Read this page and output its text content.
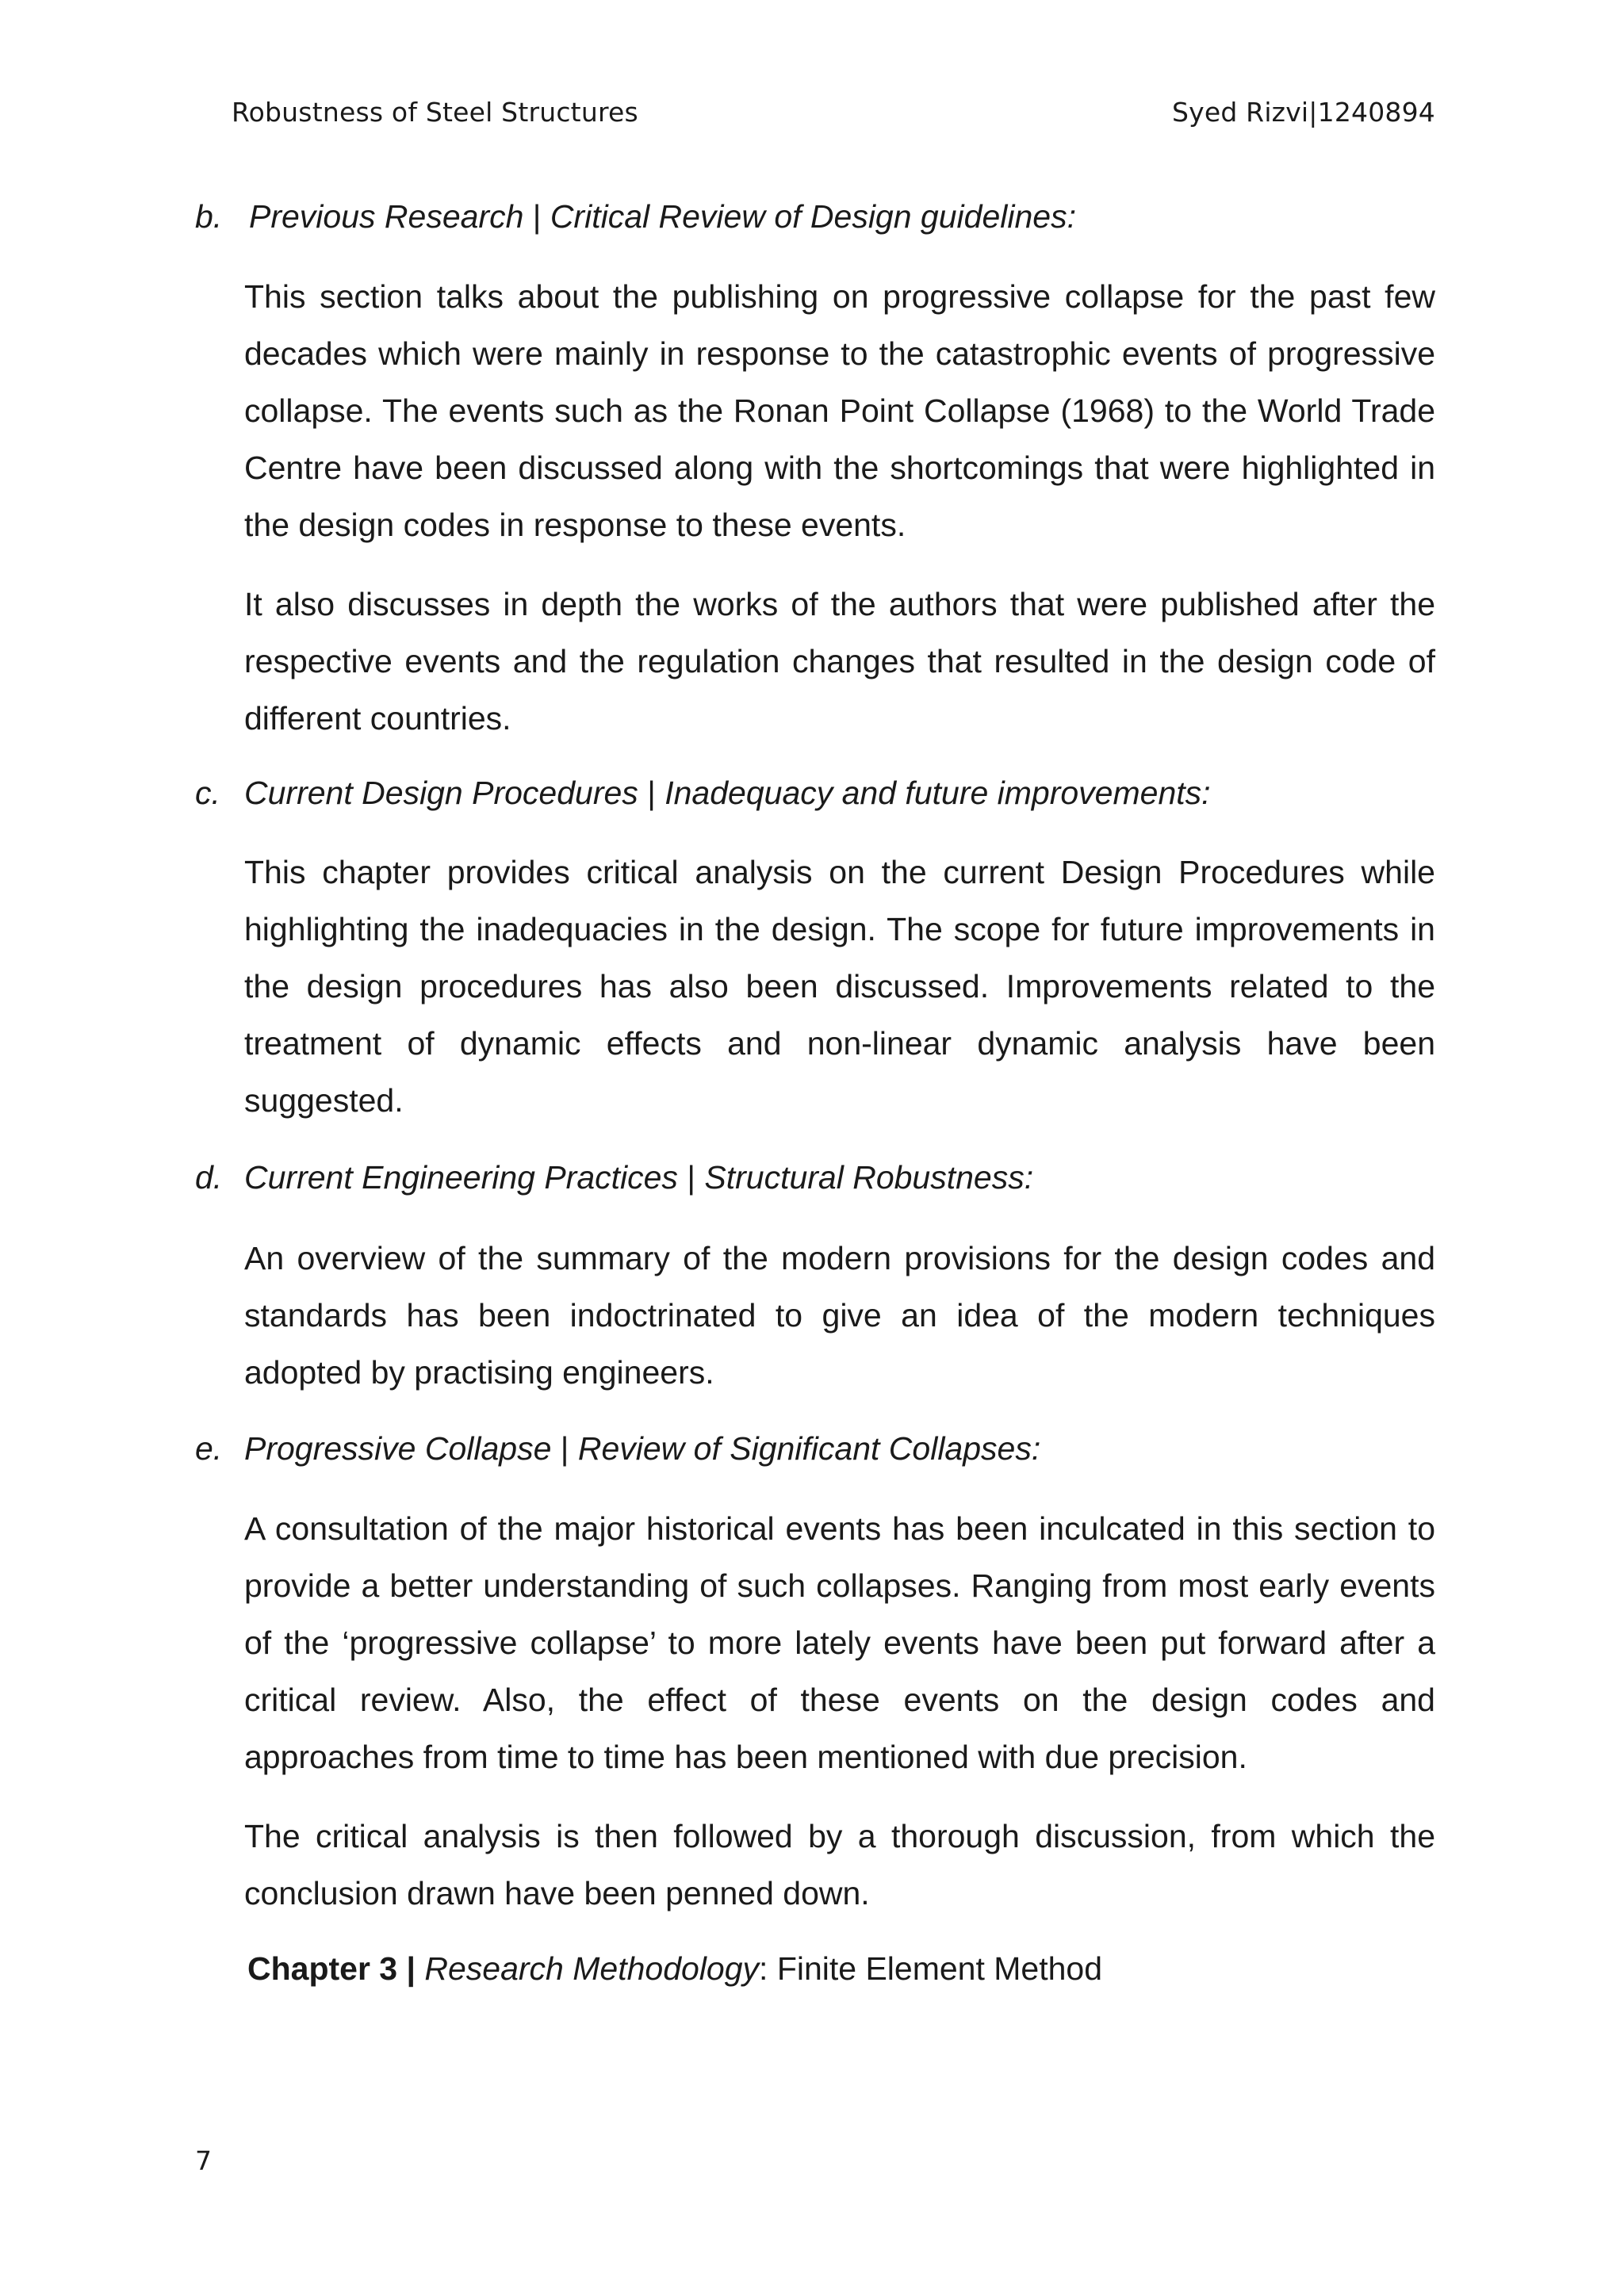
Robustness of Steel Structures	Syed Rizvi|1240894
b. Previous Research | Critical Review of Design guidelines:

This section talks about the publishing on progressive collapse for the past few decades which were mainly in response to the catastrophic events of progressive collapse. The events such as the Ronan Point Collapse (1968) to the World Trade Centre have been discussed along with the shortcomings that were highlighted in the design codes in response to these events.

It also discusses in depth the works of the authors that were published after the respective events and the regulation changes that resulted in the design code of different countries.

c. Current Design Procedures | Inadequacy and future improvements:

This chapter provides critical analysis on the current Design Procedures while highlighting the inadequacies in the design. The scope for future improvements in the design procedures has also been discussed. Improvements related to the treatment of dynamic effects and non-linear dynamic analysis have been suggested.

d. Current Engineering Practices | Structural Robustness:

An overview of the summary of the modern provisions for the design codes and standards has been indoctrinated to give an idea of the modern techniques adopted by practising engineers.

e. Progressive Collapse | Review of Significant Collapses:

A consultation of the major historical events has been inculcated in this section to provide a better understanding of such collapses. Ranging from most early events of the ‘progressive collapse’ to more lately events have been put forward after a critical review. Also, the effect of these events on the design codes and approaches from time to time has been mentioned with due precision.

The critical analysis is then followed by a thorough discussion, from which the conclusion drawn have been penned down.

Chapter 3 | Research Methodology: Finite Element Method
7
